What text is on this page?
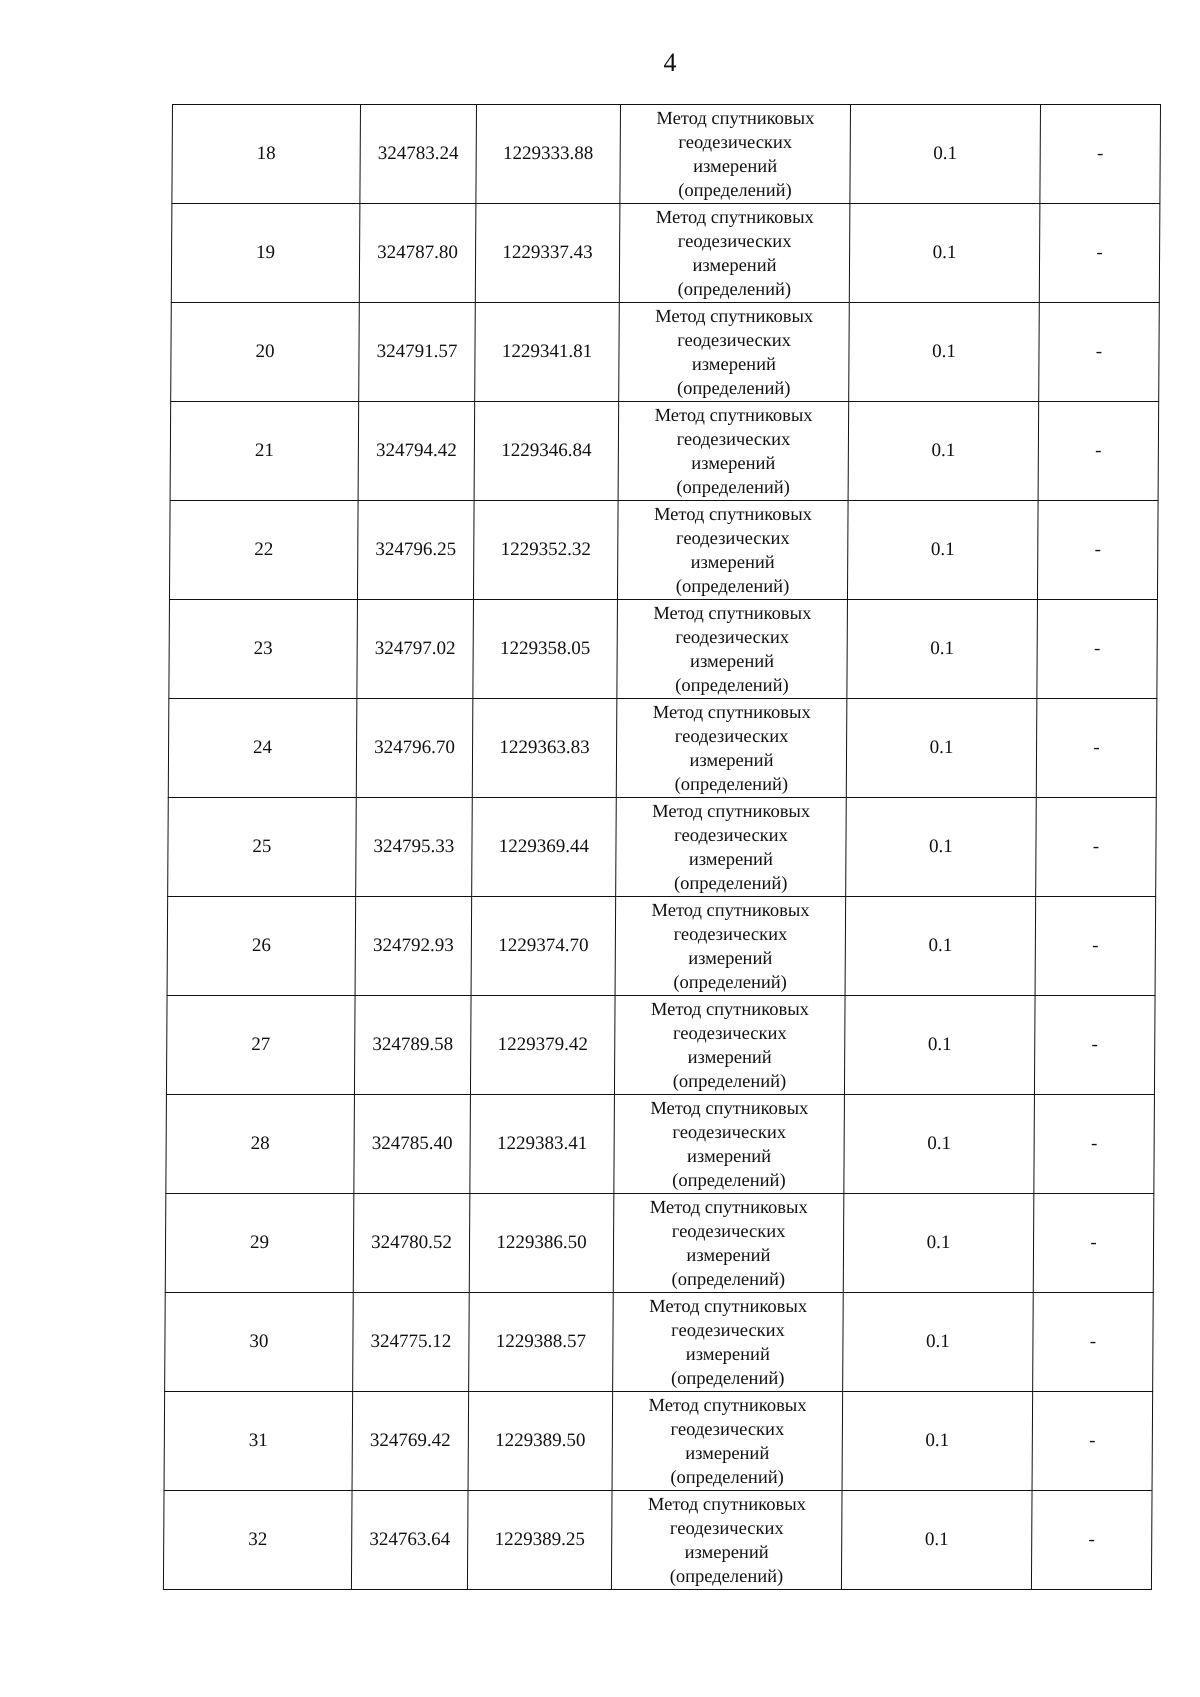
4
18	324783.24	1229333.88	Метод спутниковых
геодезических
измерений
(определений)	0.1	-
19	324787.80	1229337.43	Метод спутниковых
геодезических
измерений
(определений)	0.1	-
20	324791.57	1229341.81	Метод спутниковых
геодезических
измерений
(определений)	0.1	-
21	324794.42	1229346.84	Метод спутниковых
геодезических
измерений
(определений)	0.1	-
22	324796.25	1229352.32	Метод спутниковых
геодезических
измерений
(определений)	0.1	-
23	324797.02	1229358.05	Метод спутниковых
геодезических
измерений
(определений)	0.1	-
24	324796.70	1229363.83	Метод спутниковых
геодезических
измерений
(определений)	0.1	-
25	324795.33	1229369.44	Метод спутниковых
геодезических
измерений
(определений)	0.1	-
26	324792.93	1229374.70	Метод спутниковых
геодезических
измерений
(определений)	0.1	-
27	324789.58	1229379.42	Метод спутниковых
геодезических
измерений
(определений)	0.1	-
28	324785.40	1229383.41	Метод спутниковых
геодезических
измерений
(определений)	0.1	-
29	324780.52	1229386.50	Метод спутниковых
геодезических
измерений
(определений)	0.1	-
30	324775.12	1229388.57	Метод спутниковых
геодезических
измерений
(определений)	0.1	-
31	324769.42	1229389.50	Метод спутниковых
геодезических
измерений
(определений)	0.1	-
32	324763.64	1229389.25	Метод спутниковых
геодезических
измерений
(определений)	0.1	-
